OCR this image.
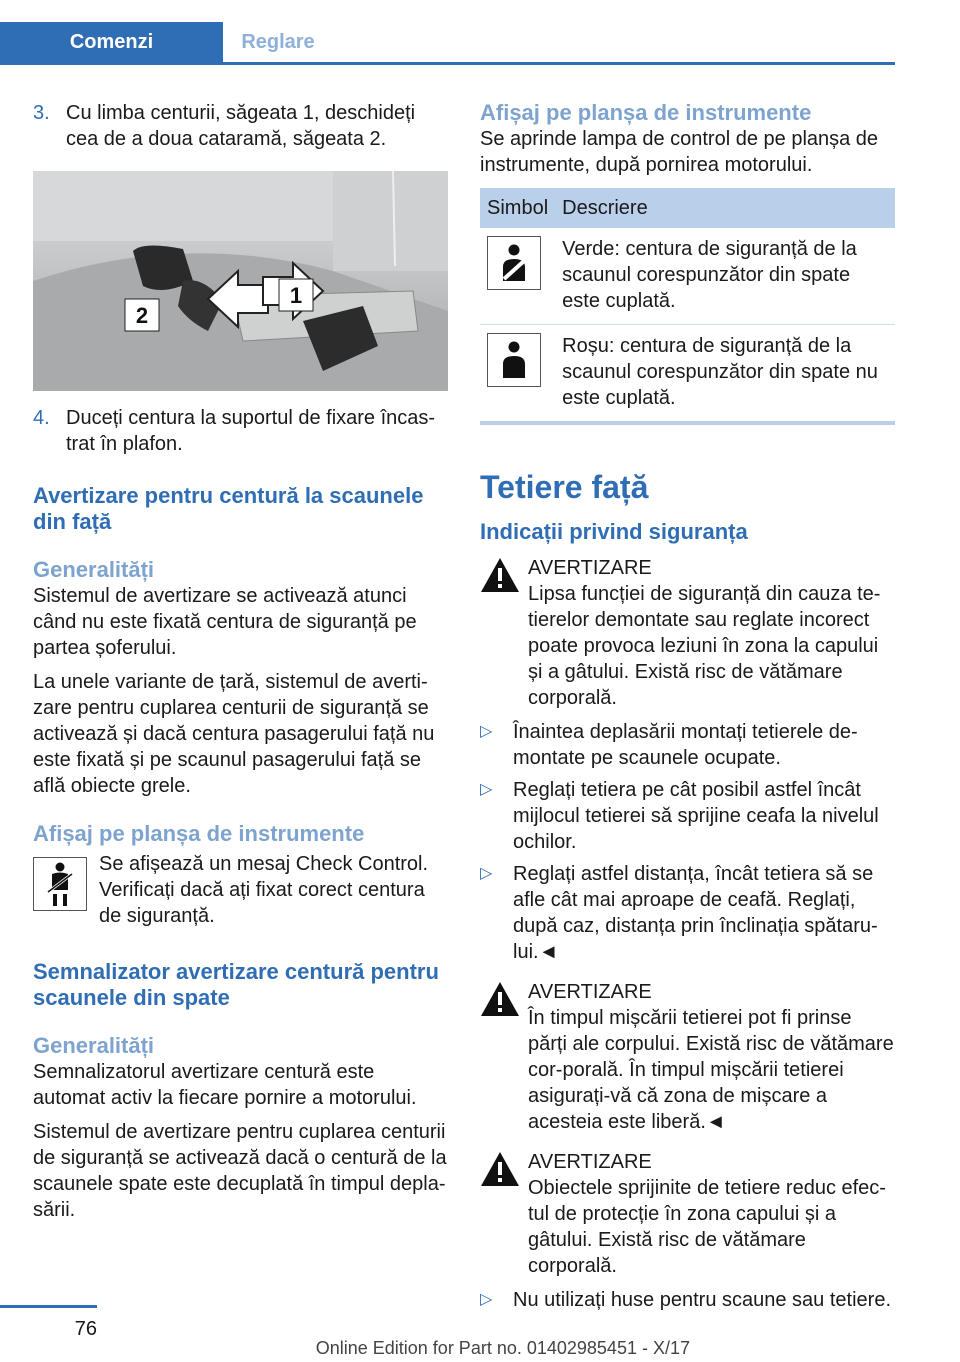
Comenzi	Reglare
3. Cu limba centurii, săgeata 1, deschideți cea de a doua cataramă, săgeata 2.
2
1
4. Duceți centura la suportul de fixare încas-trat în plafon.
Avertizare pentru centură la scaunele din față
Generalități

Sistemul de avertizare se activează atunci când nu este fixată centura de siguranță pe partea șoferului.

La unele variante de țară, sistemul de averti-zare pentru cuplarea centurii de siguranță se activează și dacă centura pasagerului față nu este fixată și pe scaunul pasagerului față se află obiecte grele.

Afișaj pe planșa de instrumente

Se afișează un mesaj Check Control. Verificați dacă ați fixat corect centura de siguranță.

Semnalizator avertizare centură pentru scaunele din spate
Generalități

Semnalizatorul avertizare centură este automat activ la fiecare pornire a motorului.

Sistemul de avertizare pentru cuplarea centurii de siguranță se activează dacă o centură de la scaunele spate este decuplată în timpul depla-sării.

Afișaj pe planșa de instrumente

Se aprinde lampa de control de pe planșa de instrumente, după pornirea motorului.

Simbol	Descriere

	Verde: centura de siguranță de la scaunul corespunzător din spate este cuplată.

	Roșu: centura de siguranță de la scaunul corespunzător din spate nu este cuplată.
Tetiere față
Indicații privind siguranța
AVERTIZARE
Lipsa funcției de siguranță din cauza te-tierelor demontate sau reglate incorect poate provoca leziuni în zona la capului și a gâtului. Există risc de vătămare corporală.
▷ Înaintea deplasării montați tetierele de-montate pe scaunele ocupate.
▷ Reglați tetiera pe cât posibil astfel încât mijlocul tetierei să sprijine ceafa la nivelul ochilor.
▷ Reglați astfel distanța, încât tetiera să se afle cât mai aproape de ceafă. Reglați, după caz, distanța prin înclinația spătaru-lui.◄
AVERTIZARE
În timpul mișcării tetierei pot fi prinse părți ale corpului. Există risc de vătămare cor-porală. În timpul mișcării tetierei asigurați-vă că zona de mișcare a acesteia este liberă.◄
AVERTIZARE
Obiectele sprijinite de tetiere reduc efec-tul de protecție în zona capului și a gâtului. Există risc de vătămare corporală.
▷ Nu utilizați huse pentru scaune sau tetiere.
76
Online Edition for Part no. 01402985451 - X/17
